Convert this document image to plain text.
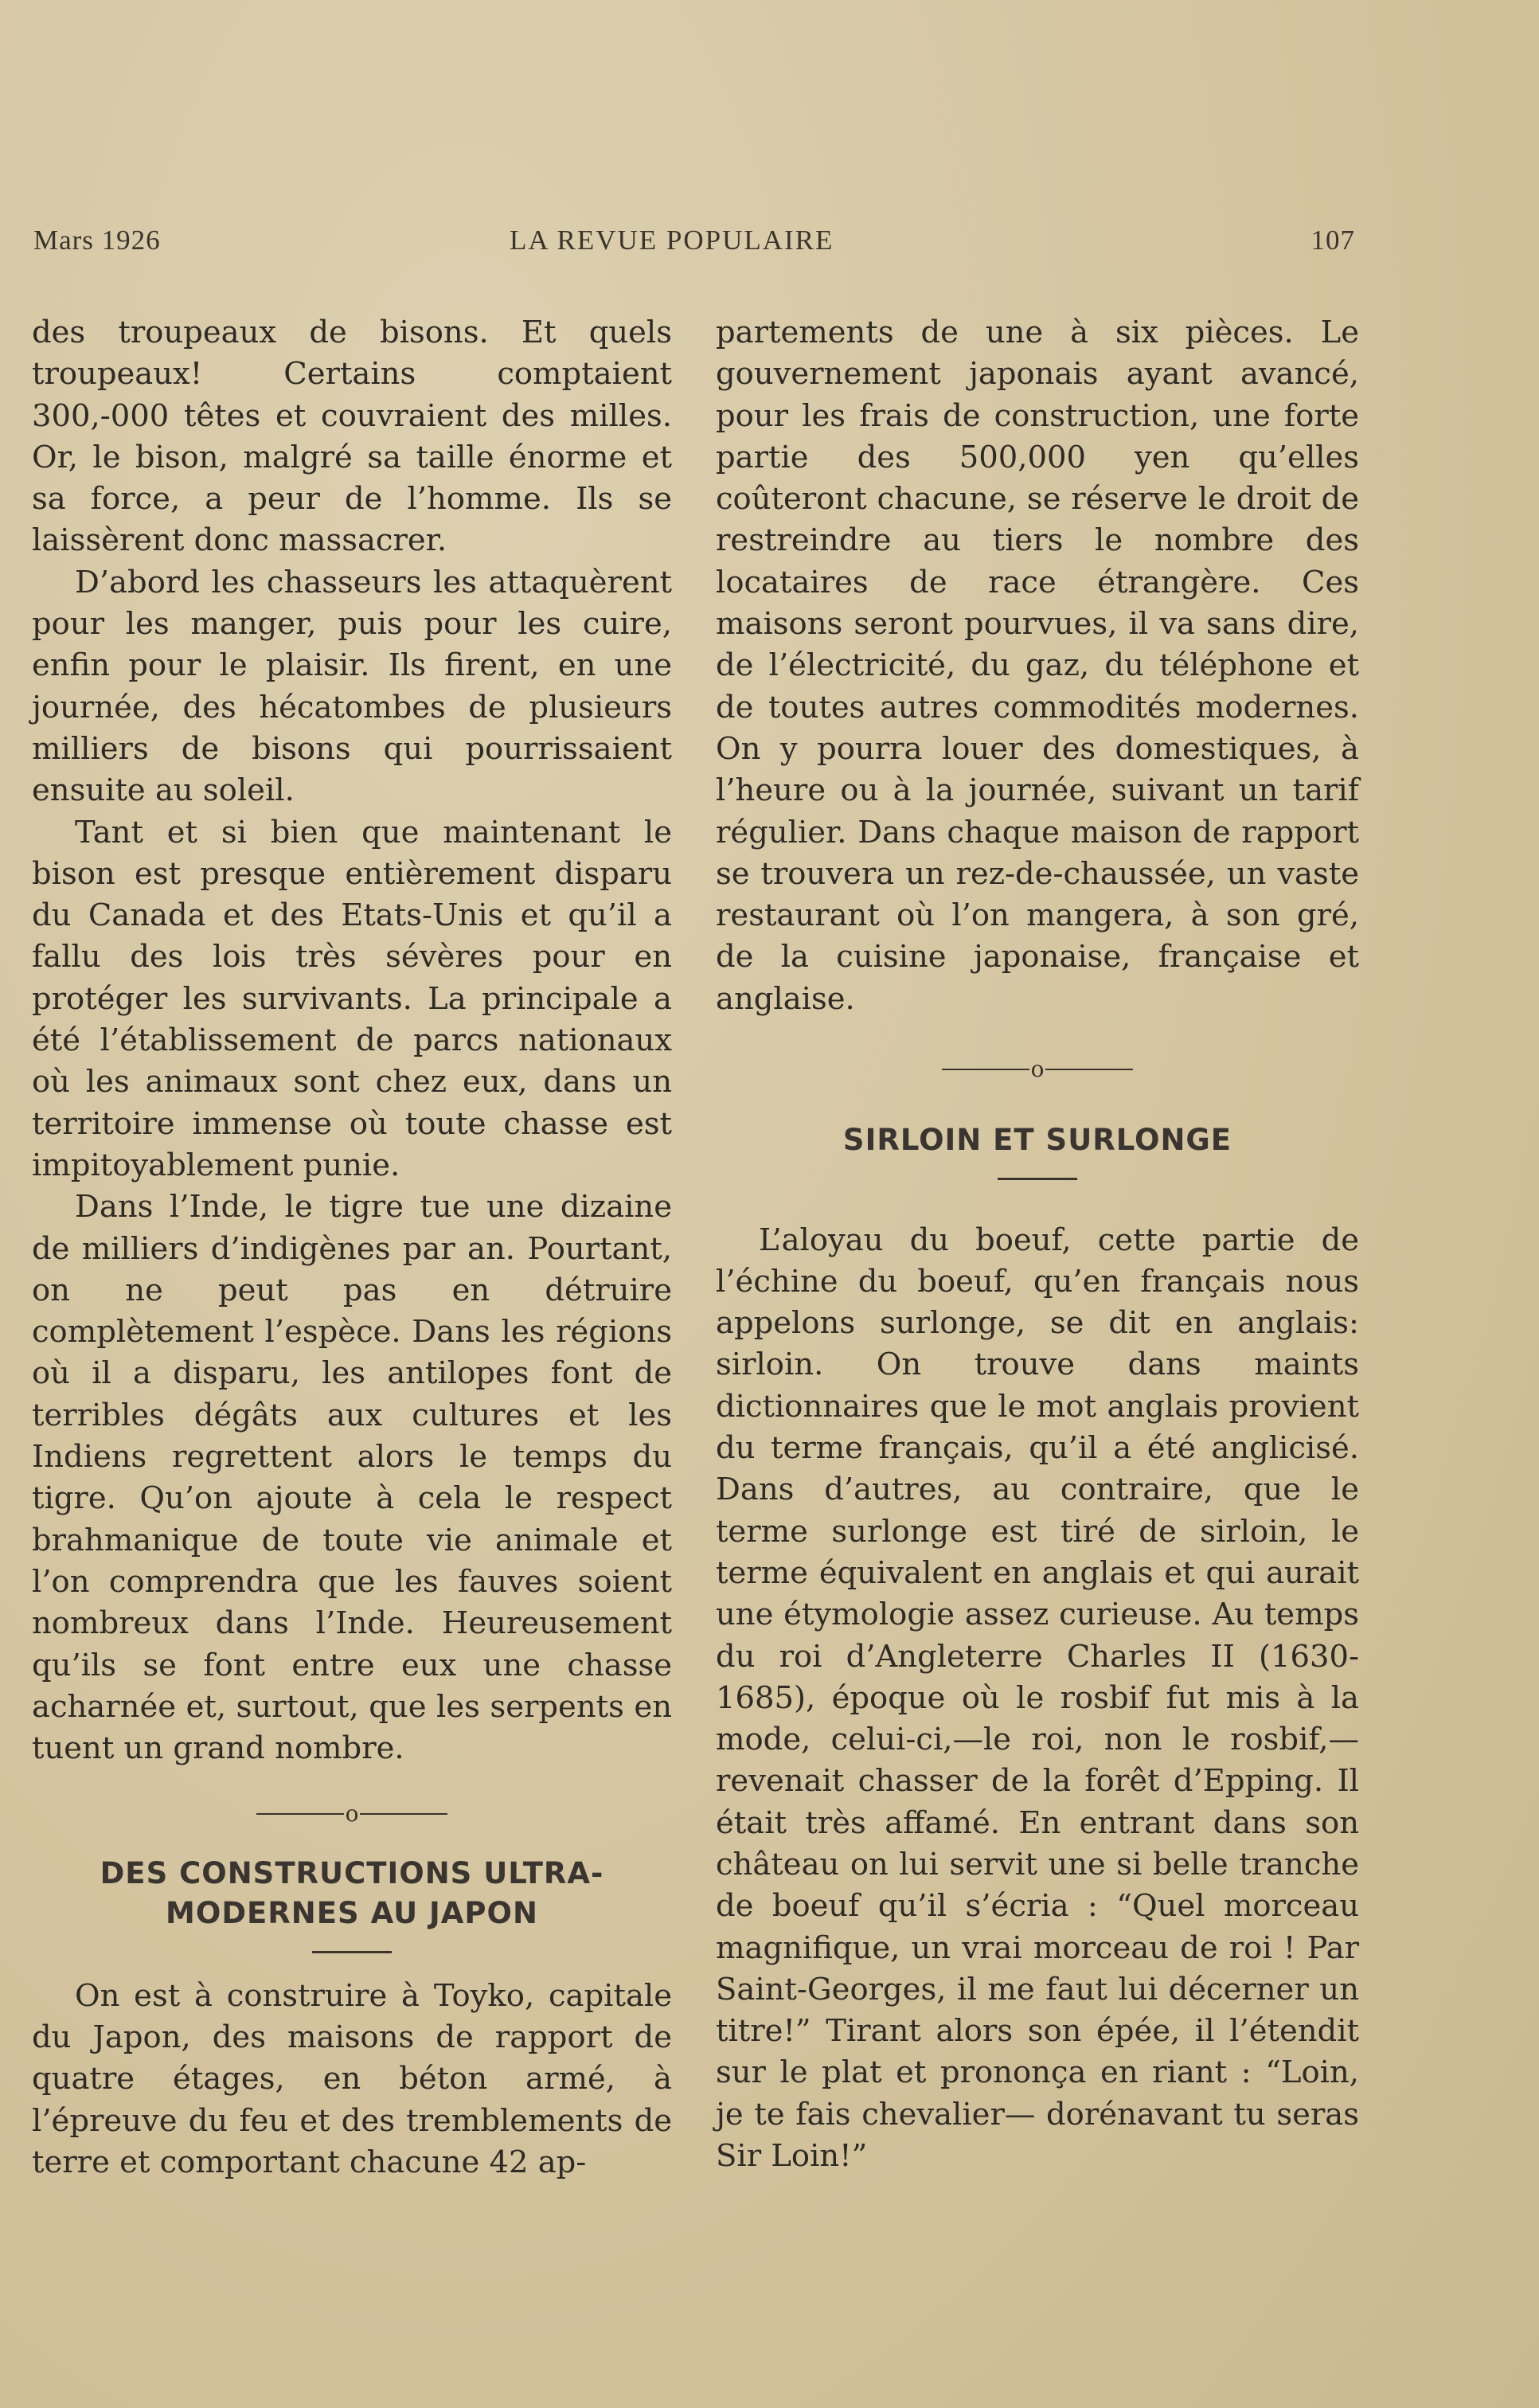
Mars 1926	LA REVUE POPULAIRE	107

des troupeaux de bisons. Et quels troupeaux! Certains comptaient 300,-000 têtes et couvraient des milles. Or, le bison, malgré sa taille énorme et sa force, a peur de l’homme. Ils se laissèrent donc massacrer.

D’abord les chasseurs les attaquèrent pour les manger, puis pour les cuire, enfin pour le plaisir. Ils firent, en une journée, des hécatombes de plusieurs milliers de bisons qui pourrissaient ensuite au soleil.

Tant et si bien que maintenant le bison est presque entièrement disparu du Canada et des Etats-Unis et qu’il a fallu des lois très sévères pour en protéger les survivants. La principale a été l’établissement de parcs nationaux où les animaux sont chez eux, dans un territoire immense où toute chasse est impitoyablement punie.

Dans l’Inde, le tigre tue une dizaine de milliers d’indigènes par an. Pourtant, on ne peut pas en détruire complètement l’espèce. Dans les régions où il a disparu, les antilopes font de terribles dégâts aux cultures et les Indiens regrettent alors le temps du tigre. Qu’on ajoute à cela le respect brahmanique de toute vie animale et l’on comprendra que les fauves soient nombreux dans l’Inde. Heureusement qu’ils se font entre eux une chasse acharnée et, surtout, que les serpents en tuent un grand nombre.

o
DES CONSTRUCTIONS ULTRA-
MODERNES AU JAPON

On est à construire à Toyko, capitale du Japon, des maisons de rapport de quatre étages, en béton armé, à l’épreuve du feu et des tremblements de terre et comportant chacune 42 ap-

partements de une à six pièces. Le gouvernement japonais ayant avancé, pour les frais de construction, une forte partie des 500,000 yen qu’elles coûteront chacune, se réserve le droit de restreindre au tiers le nombre des locataires de race étrangère. Ces maisons seront pourvues, il va sans dire, de l’électricité, du gaz, du téléphone et de toutes autres commodités modernes. On y pourra louer des domestiques, à l’heure ou à la journée, suivant un tarif régulier. Dans chaque maison de rapport se trouvera un rez-de-chaussée, un vaste restaurant où l’on mangera, à son gré, de la cuisine japonaise, française et anglaise.

o
SIRLOIN ET SURLONGE

L’aloyau du boeuf, cette partie de l’échine du boeuf, qu’en français nous appelons surlonge, se dit en anglais: sirloin. On trouve dans maints dictionnaires que le mot anglais provient du terme français, qu’il a été anglicisé. Dans d’autres, au contraire, que le terme surlonge est tiré de sirloin, le terme équivalent en anglais et qui aurait une étymologie assez curieuse. Au temps du roi d’Angleterre Charles II (1630-1685), époque où le rosbif fut mis à la mode, celui-ci,—le roi, non le rosbif,—revenait chasser de la forêt d’Epping. Il était très affamé. En entrant dans son château on lui servit une si belle tranche de boeuf qu’il s’écria : “Quel morceau magnifique, un vrai morceau de roi ! Par Saint-Georges, il me faut lui décerner un titre!” Tirant alors son épée, il l’étendit sur le plat et prononça en riant : “Loin, je te fais chevalier— dorénavant tu seras Sir Loin!”
